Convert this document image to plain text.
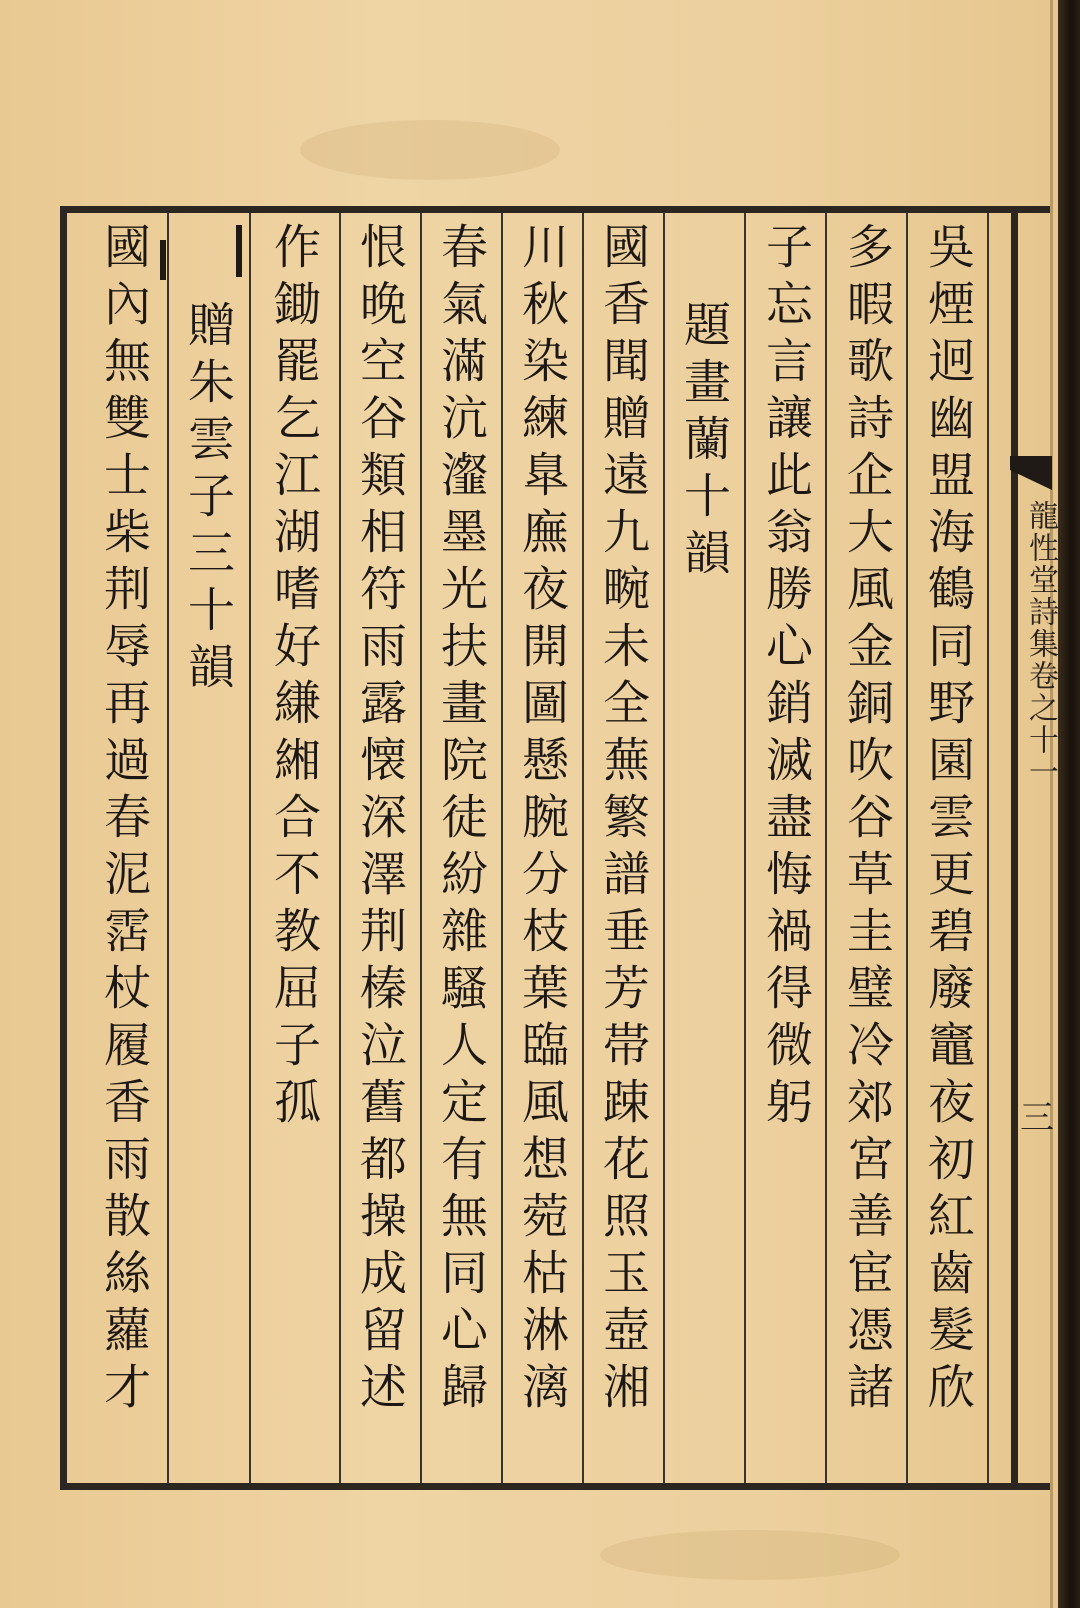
龍性堂詩集卷之十一
三
吳煙迥幽盟海鶴同野園雲更碧廢竈夜初紅齒髮欣
多暇歌詩企大風金銅吹谷草圭璧冷郊宮善宦憑諸
子忘言讓此翁勝心銷滅盡悔禍得微躬
題畫蘭十韻
國香聞贈遠九畹未全蕪繁譜垂芳帯踈花照玉壺湘
川秋染練臯廡夜開圖懸腕分枝葉臨風想菀枯淋漓
春氣滿沆瀣墨光扶畫院徒紛雜騷人定有無同心歸
恨晚空谷類相符雨露懐深澤荆榛泣舊都操成留述
作鋤罷乞江湖嗜好縑緗合不教屈子孤
贈朱雲子三十韻
國內無雙士柴荆辱再過春泥霑杖履香雨散絲蘿才
